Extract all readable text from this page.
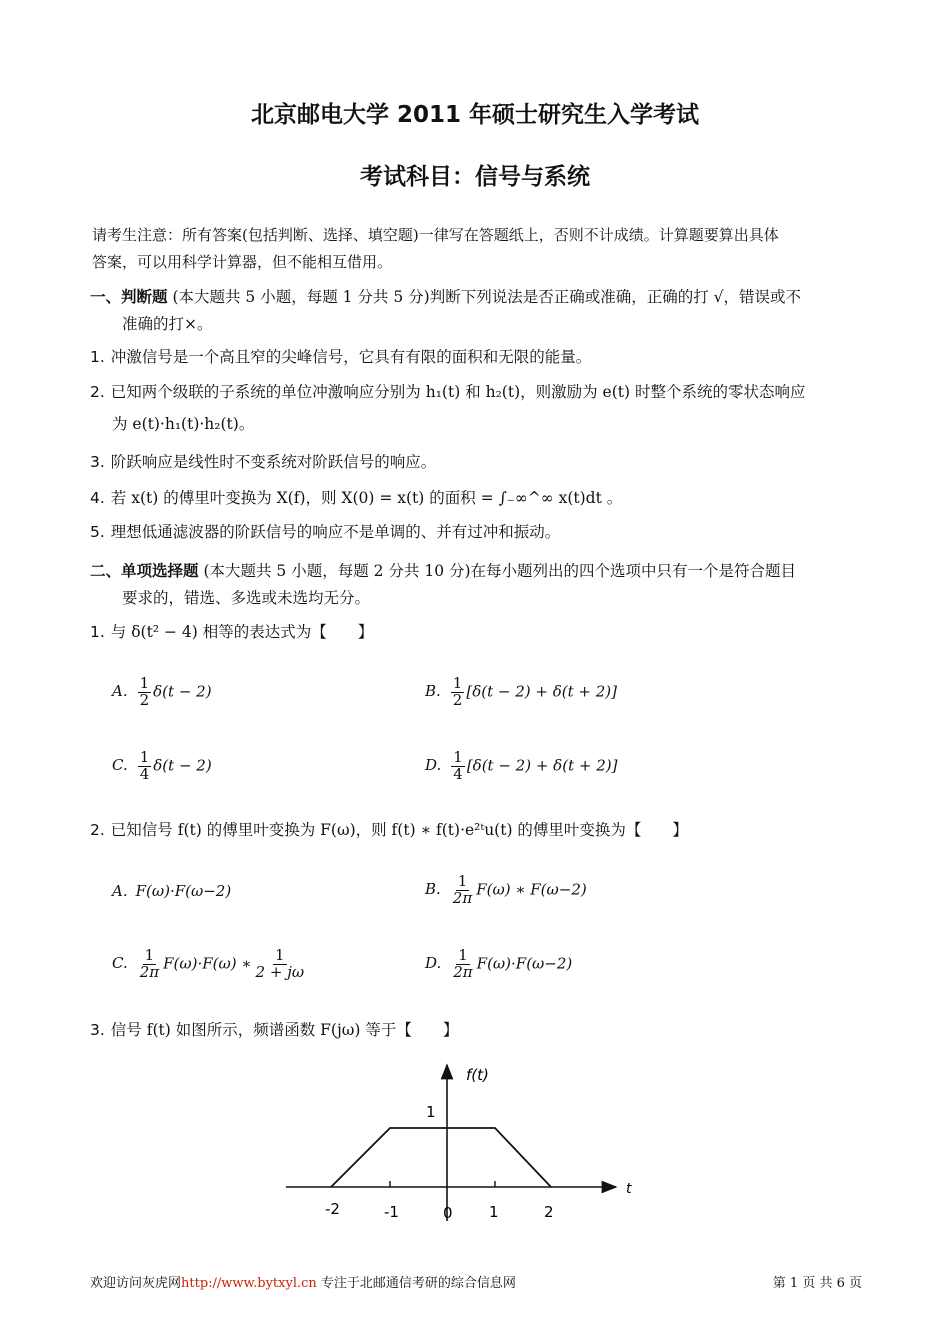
北京邮电大学 2011 年硕士研究生入学考试
考试科目：信号与系统
请考生注意：所有答案(包括判断、选择、填空题)一律写在答题纸上，否则不计成绩。计算题要算出具体
答案，可以用科学计算器，但不能相互借用。
一、判断题 (本大题共 5 小题，每题 1 分共 5 分)判断下列说法是否正确或准确，正确的打 √，错误或不
准确的打×。
1. 冲激信号是一个高且窄的尖峰信号，它具有有限的面积和无限的能量。
2. 已知两个级联的子系统的单位冲激响应分别为 h₁(t) 和 h₂(t)，则激励为 e(t) 时整个系统的零状态响应
为 e(t)·h₁(t)·h₂(t)。
3. 阶跃响应是线性时不变系统对阶跃信号的响应。
4. 若 x(t) 的傅里叶变换为 X(f)，则 X(0) = x(t) 的面积 = ∫₋∞^∞ x(t)dt 。
5. 理想低通滤波器的阶跃信号的响应不是单调的、并有过冲和振动。
二、单项选择题 (本大题共 5 小题，每题 2 分共 10 分)在每小题列出的四个选项中只有一个是符合题目
要求的，错选、多选或未选均无分。
1. 与 δ(t² − 4) 相等的表达式为【　　】
A. $\frac{1}{2} \delta(t - 2)$	B. $\frac{1}{2} [\delta(t - 2) + \delta(t + 2)]$
C. $\frac{1}{4} \delta(t - 2)$	D. $\frac{1}{4} [\delta(t - 2) + \delta(t + 2)]$
2. 已知信号 f(t) 的傅里叶变换为 F(ω)，则 f(t) ∗ f(t)·e²ᵗu(t) 的傅里叶变换为【　　】
A. F(ω)·F(ω−2)	B. $\frac{1}{2\pi} F(\omega)$ ∗ F(ω−2)
C. $\frac{1}{2\pi} F(\omega)\cdot F(\omega)$ ∗ $\frac{1}{2 + j\omega}$	D. $\frac{1}{2\pi} F(\omega)\cdot F(\omega-2)$
3. 信号 f(t) 如图所示，频谱函数 F(jω) 等于【　　】
f(t)
t
1
-2	-1	0 1	2
欢迎访问灰虎网http://www.bytxyl.cn 专注于北邮通信考研的综合信息网	第 1 页 共 6 页
